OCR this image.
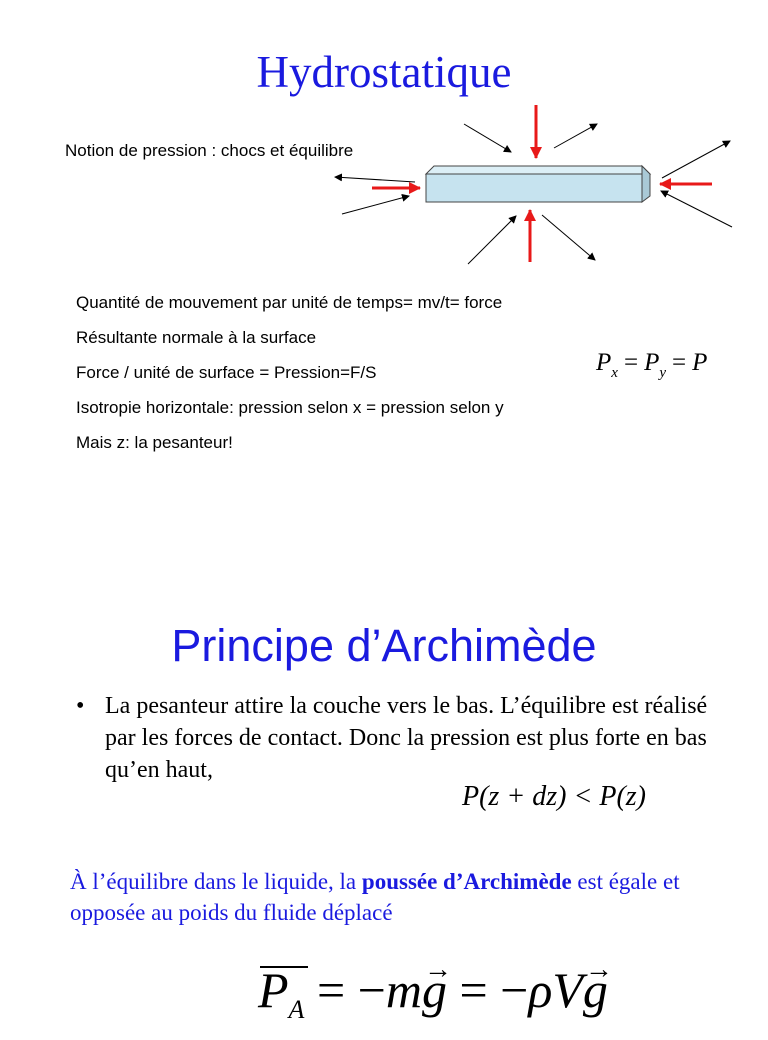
Hydrostatique
Notion de pression : chocs et équilibre
Quantité de mouvement par unité de temps= mv/t= force
Résultante normale à la surface
Force / unité de surface = Pression=F/S
Isotropie horizontale: pression selon x = pression selon y
Mais z: la pesanteur!
$P_x = P_y = P$
Principe d’Archimède
• La pesanteur attire la couche vers le bas. L’équilibre est réalisé par les forces de contact. Donc la pression est plus forte en bas qu’en haut,
P(z + dz) < P(z)
À l’équilibre dans le liquide, la poussée d’Archimède est égale et opposée au poids du fluide déplacé
$P_A = -mg$ → = −ρVg →
